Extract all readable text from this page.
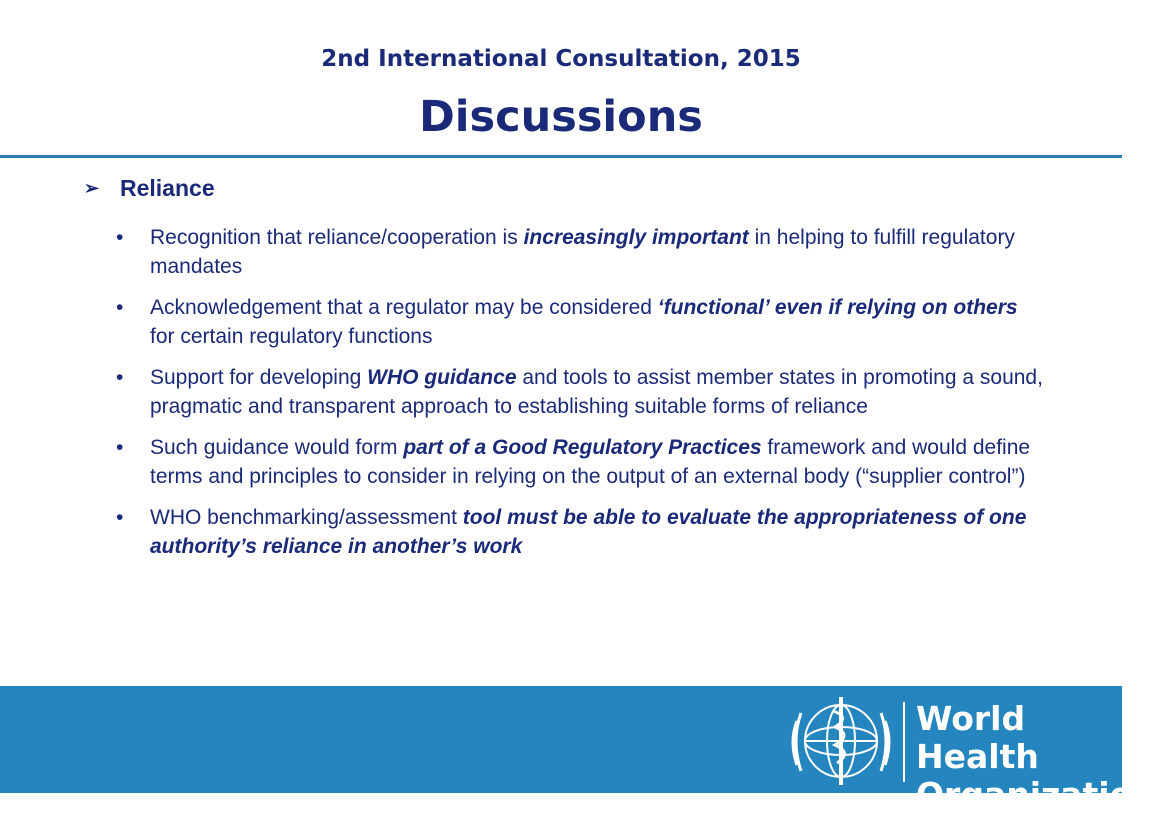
2nd International Consultation, 2015
Discussions
➢ Reliance
• Recognition that reliance/cooperation is increasingly important in helping to fulfill regulatory mandates
• Acknowledgement that a regulator may be considered ‘functional’ even if relying on others for certain regulatory functions
• Support for developing WHO guidance and tools to assist member states in promoting a sound, pragmatic and transparent approach to establishing suitable forms of reliance
• Such guidance would form part of a Good Regulatory Practices framework and would define terms and principles to consider in relying on the output of an external body (“supplier control”)
• WHO benchmarking/assessment tool must be able to evaluate the appropriateness of one authority’s reliance in another’s work
World Health
Organization
